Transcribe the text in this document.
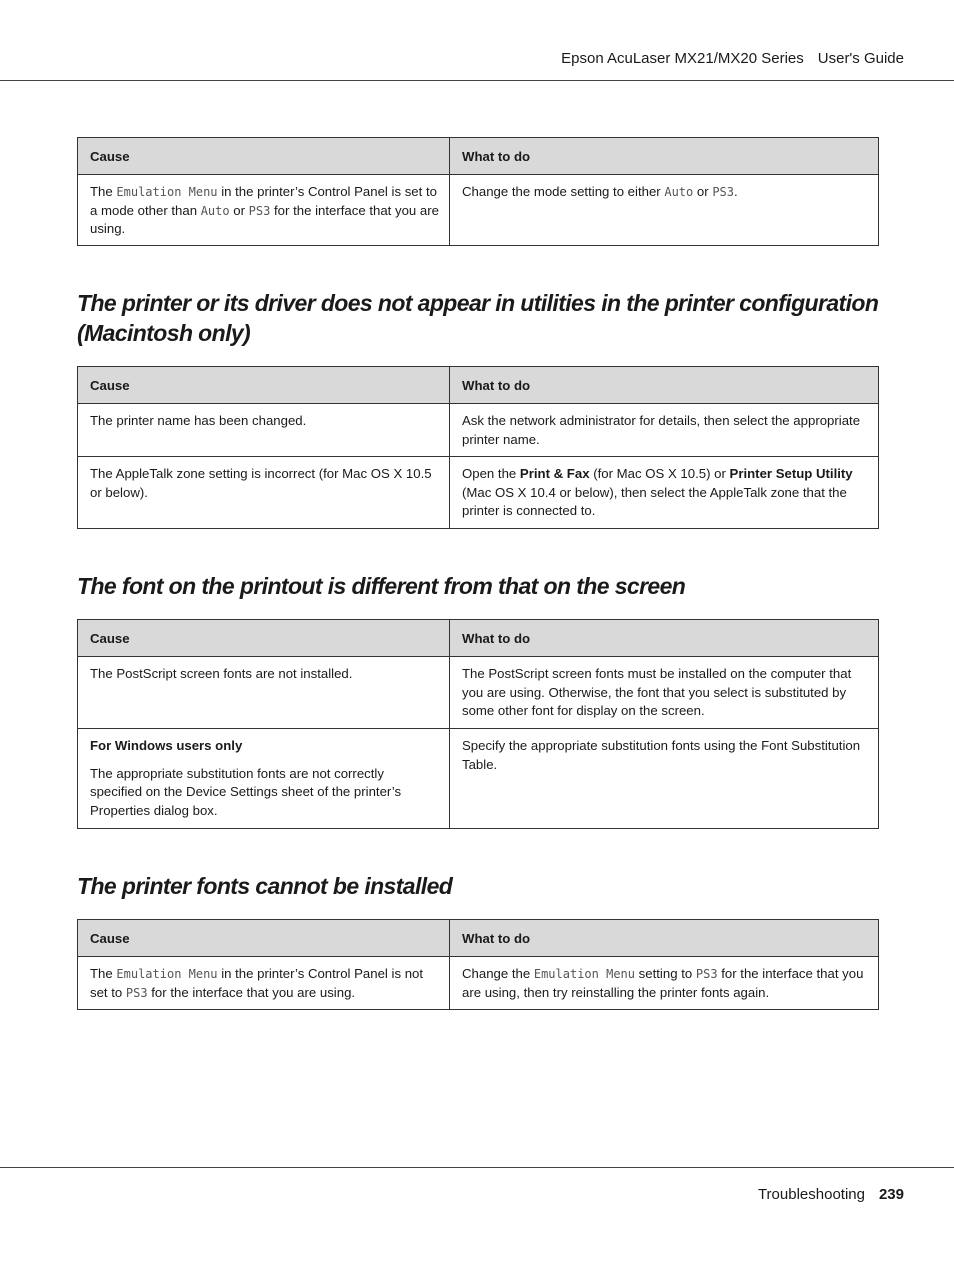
Epson AcuLaser MX21/MX20 Series User's Guide
Cause	What to do
The Emulation Menu in the printer’s Control Panel is set to a mode other than Auto or PS3 for the interface that you are using.	Change the mode setting to either Auto or PS3.
The printer or its driver does not appear in utilities in the printer configuration (Macintosh only)
Cause	What to do
The printer name has been changed.	Ask the network administrator for details, then select the appropriate printer name.
The AppleTalk zone setting is incorrect (for Mac OS X 10.5 or below).	Open the Print & Fax (for Mac OS X 10.5) or Printer Setup Utility (Mac OS X 10.4 or below), then select the AppleTalk zone that the printer is connected to.
The font on the printout is different from that on the screen
Cause	What to do
The PostScript screen fonts are not installed.	The PostScript screen fonts must be installed on the computer that you are using. Otherwise, the font that you select is substituted by some other font for display on the screen.

For Windows users only
The appropriate substitution fonts are not correctly specified on the Device Settings sheet of the printer’s Properties dialog box.	Specify the appropriate substitution fonts using the Font Substitution Table.
The printer fonts cannot be installed
Cause	What to do
The Emulation Menu in the printer’s Control Panel is not set to PS3 for the interface that you are using.	Change the Emulation Menu setting to PS3 for the interface that you are using, then try reinstalling the printer fonts again.
Troubleshooting 239
